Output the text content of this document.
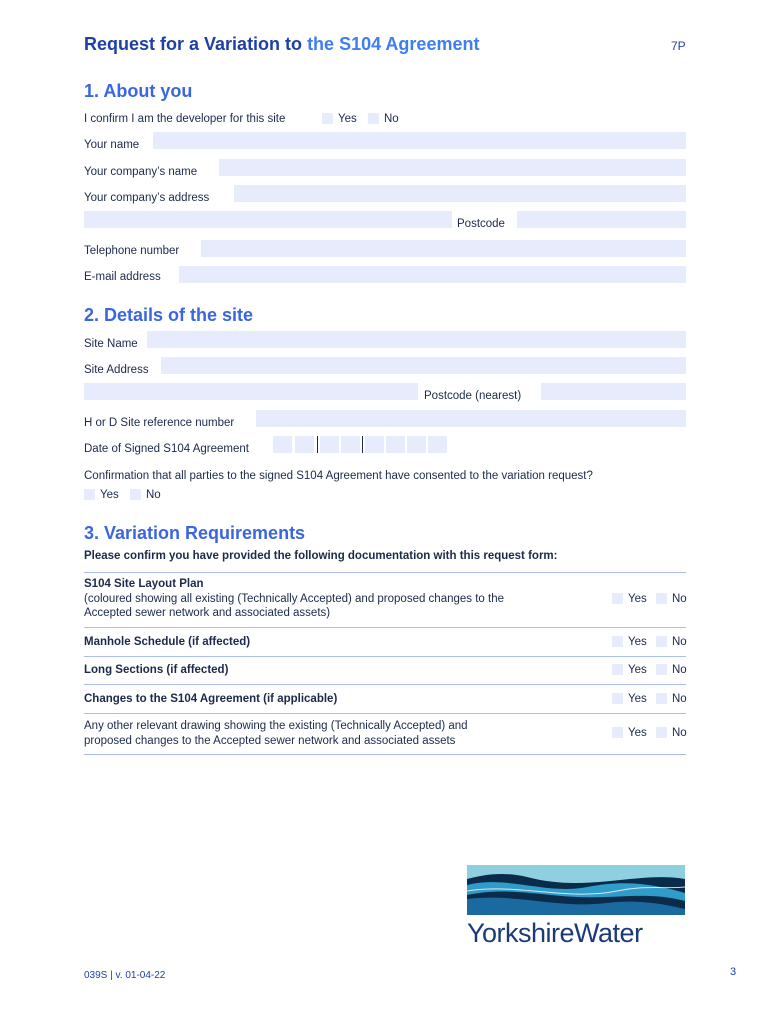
Request for a Variation to the S104 Agreement	7P
1. About you
I confirm I am the developer for this site	Yes	No
Your name
Your company’s name
Your company’s address
Postcode
Telephone number
E-mail address
2. Details of the site
Site Name
Site Address
Postcode (nearest)
H or D Site reference number
Date of Signed S104 Agreement
Confirmation that all parties to the signed S104 Agreement have consented to the variation request?
Yes	No
3. Variation Requirements
Please confirm you have provided the following documentation with this request form:
S104 Site Layout Plan
(coloured showing all existing (Technically Accepted) and proposed changes to the
Accepted sewer network and associated assets)
Yes	No
Manhole Schedule (if affected)	Yes	No
Long Sections (if affected)	Yes	No
Changes to the S104 Agreement (if applicable)	Yes	No
Any other relevant drawing showing the existing (Technically Accepted) and
proposed changes to the Accepted sewer network and associated assets
Yes	No
YorkshireWater
039S | v. 01-04-22	3
